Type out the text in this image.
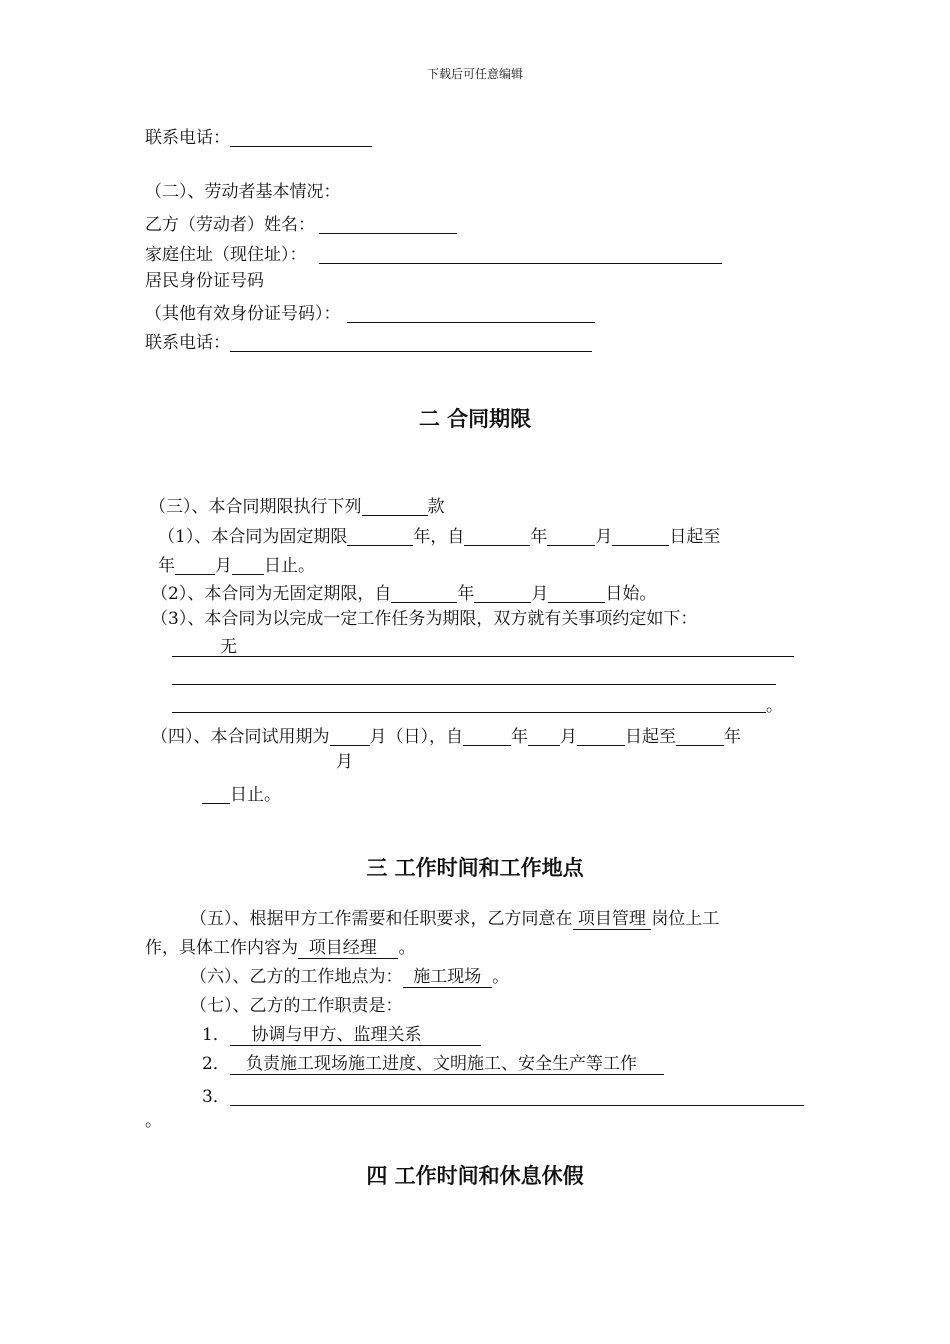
下载后可任意编辑
联系电话：
（二）、劳动者基本情况：
乙方（劳动者）姓名：
家庭住址（现住址）：
居民身份证号码
（其他有效身份证号码）：
联系电话：
二 合同期限
（三）、本合同期限执行下列	款
（1）、本合同为固定期限	年，自	年	月	日起至
年 月 日止。
（2）、本合同为无固定期限，自	年	月	日始。
（3）、本合同为以完成一定工作任务为期限，双方就有关事项约定如下：
无
。
（四）、本合同试用期为 月（日），自	年 月	日起至	年
月
日止。
三 工作时间和工作地点
（五）、根据甲方工作需要和任职要求，乙方同意在 项目管理 岗位上工
作，具体工作内容为  项目经理    。
（六）、乙方的工作地点为：  施工现场  。
（七）、乙方的工作职责是：
1．    协调与甲方、监理关系
2．   负责施工现场施工进度、文明施工、安全生产等工作
3．
。
四 工作时间和休息休假
